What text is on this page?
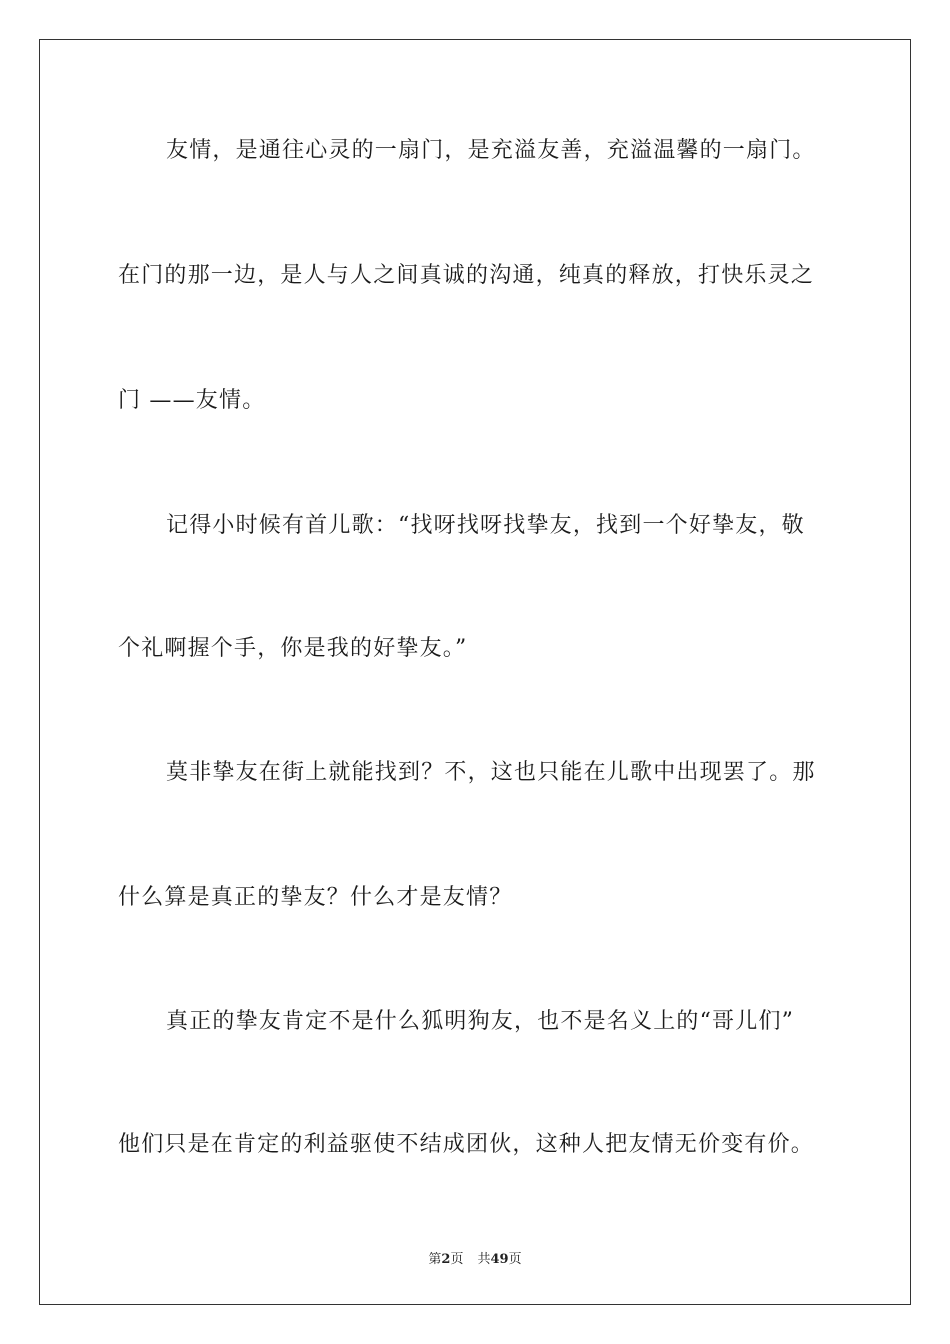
友情，是通往心灵的一扇门，是充溢友善，充溢温馨的一扇门。
在门的那一边，是人与人之间真诚的沟通，纯真的释放，打快乐灵之
门 ——友情。
记得小时候有首儿歌：“找呀找呀找挚友，找到一个好挚友，敬
个礼啊握个手，你是我的好挚友。”
莫非挚友在街上就能找到？不，这也只能在儿歌中出现罢了。那
什么算是真正的挚友？什么才是友情？
真正的挚友肯定不是什么狐明狗友，也不是名义上的“哥儿们”
他们只是在肯定的利益驱使不结成团伙，这种人把友情无价变有价。
第2页 共49页
